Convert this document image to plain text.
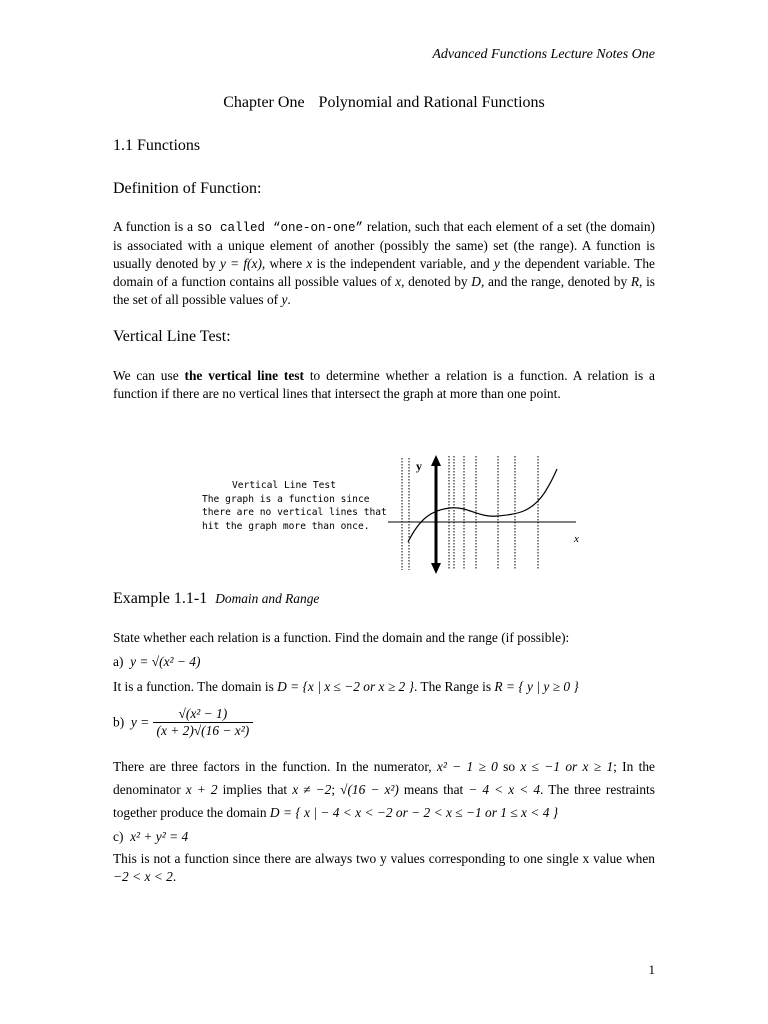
Advanced Functions Lecture Notes One
Chapter One Polynomial and Rational Functions
1.1 Functions
Definition of Function:
A function is a so called “one-on-one” relation, such that each element of a set (the domain) is associated with a unique element of another (possibly the same) set (the range). A function is usually denoted by y = f(x), where x is the independent variable, and y the dependent variable. The domain of a function contains all possible values of x, denoted by D, and the range, denoted by R, is the set of all possible values of y.
Vertical Line Test:
We can use the vertical line test to determine whether a relation is a function. A relation is a function if there are no vertical lines that intersect the graph at more than one point.
Vertical Line Test
The graph is a function since
there are no vertical lines that
hit the graph more than once.
y
x
Example 1.1-1 Domain and Range
State whether each relation is a function. Find the domain and the range (if possible):
a) y = √(x² − 4)
It is a function. The domain is D = {x | x ≤ −2 or x ≥ 2 }. The Range is R = { y | y ≥ 0 }
b) $y = \frac{\text{√(x² − 1)}}{\text{(x + 2)√(16 − x²)}}$
There are three factors in the function. In the numerator, x² − 1 ≥ 0 so x ≤ −1 or x ≥ 1; In the denominator x + 2 implies that x ≠ −2; √(16 − x²) means that − 4 < x < 4. The three restraints together produce the domain D = { x | − 4 < x < −2 or − 2 < x ≤ −1 or 1 ≤ x < 4 }
c) x² + y² = 4
This is not a function since there are always two y values corresponding to one single x value when −2 < x < 2.
1
